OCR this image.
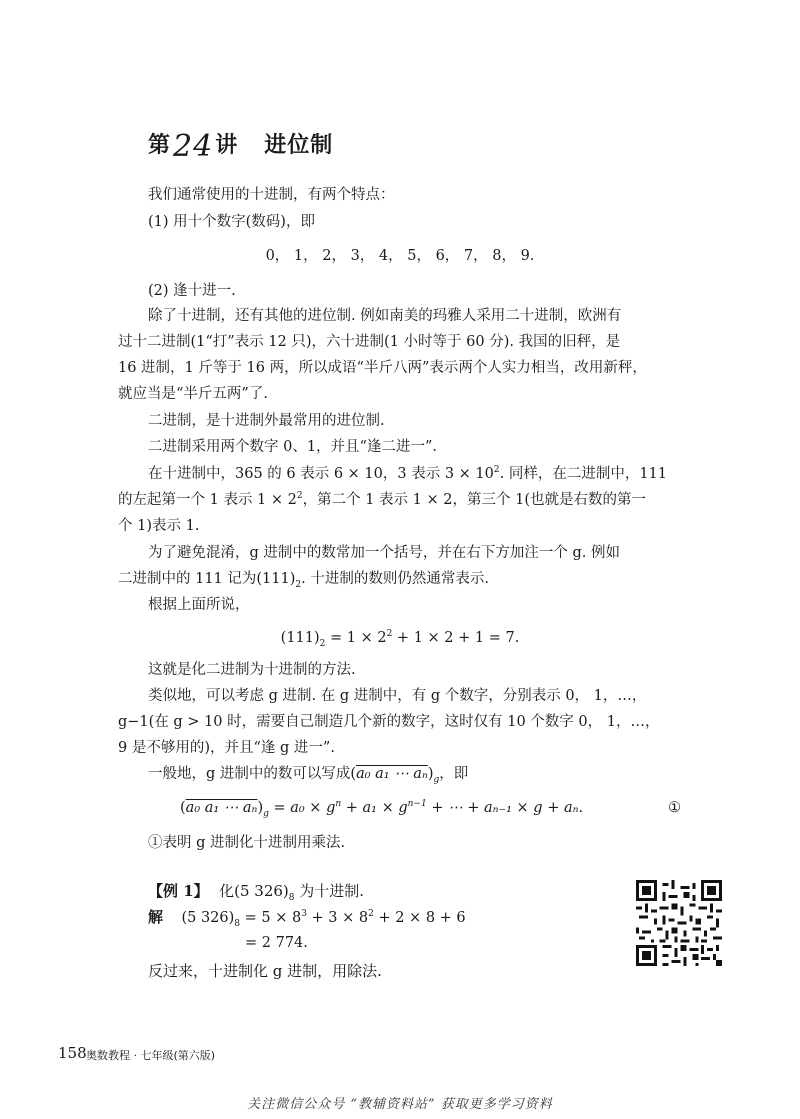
第24讲 进位制
我们通常使用的十进制，有两个特点：
(1) 用十个数字(数码)，即
0， 1， 2， 3， 4， 5， 6， 7， 8， 9.
(2) 逢十进一.
除了十进制，还有其他的进位制. 例如南美的玛雅人采用二十进制，欧洲有
过十二进制(1“打”表示 12 只)，六十进制(1 小时等于 60 分). 我国的旧秤，是
16 进制，1 斤等于 16 两，所以成语“半斤八两”表示两个人实力相当，改用新秤，
就应当是“半斤五两”了.
二进制，是十进制外最常用的进位制.
二进制采用两个数字 0、1，并且“逢二进一”.
在十进制中，365 的 6 表示 6 × 10，3 表示 $3 \times 10^2$. 同样，在二进制中，111
的左起第一个 1 表示 $1 \times 2^2$，第二个 1 表示 1 × 2，第三个 1(也就是右数的第一
个 1)表示 1.
为了避免混淆，g 进制中的数常加一个括号，并在右下方加注一个 g. 例如
二进制中的 111 记为$(111)_2$. 十进制的数则仍然通常表示.
根据上面所说，
$(111)_2 = 1 \times 2^2 + 1 \times 2 + 1 = 7$.
这就是化二进制为十进制的方法.
类似地，可以考虑 g 进制. 在 g 进制中，有 g 个数字，分别表示 0， 1，…，
g−1(在 g > 10 时，需要自己制造几个新的数字，这时仅有 10 个数字 0， 1，…，
9 是不够用的)，并且“逢 g 进一”.
一般地，g 进制中的数可以写成(a₀ a₁ ⋯ $a_n)_g$，即
(a₀ a₁ ⋯ $a_n)_g = a_0 \times g^n + a_1 \times g^{n-1}$ + ⋯ + aₙ₋₁ × g + aₙ.	①
①表明 g 进制化十进制用乘法.
【例 1】 化(5 $326)_8$ 为十进制.
解 (5 $326)_8 = 5 \times 8^3 + 3 \times 8^2 + 2 \times 8 + 6$
= 2 774.
反过来，十进制化 g 进制，用除法.
158 奥数教程 · 七年级(第六版)
关注微信公众号 “教辅资料站” 获取更多学习资料
